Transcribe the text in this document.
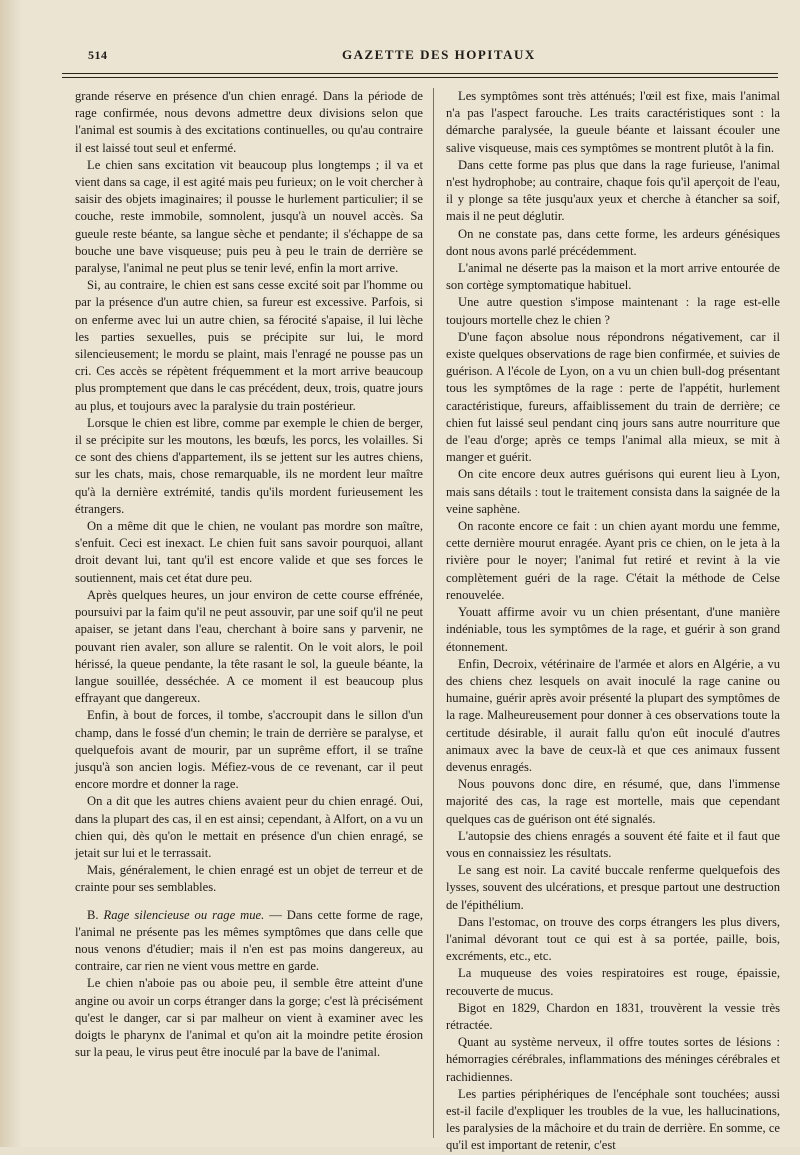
514	GAZETTE DES HOPITAUX

grande réserve en présence d'un chien enragé. Dans la période de rage confirmée, nous devons admettre deux divisions selon que l'animal est soumis à des excitations continuelles, ou qu'au contraire il est laissé tout seul et enfermé.

Le chien sans excitation vit beaucoup plus longtemps ; il va et vient dans sa cage, il est agité mais peu furieux; on le voit chercher à saisir des objets imaginaires; il pousse le hurlement particulier; il se couche, reste immobile, somnolent, jusqu'à un nouvel accès. Sa gueule reste béante, sa langue sèche et pendante; il s'échappe de sa bouche une bave visqueuse; puis peu à peu le train de derrière se paralyse, l'animal ne peut plus se tenir levé, enfin la mort arrive.

Si, au contraire, le chien est sans cesse excité soit par l'homme ou par la présence d'un autre chien, sa fureur est excessive. Parfois, si on enferme avec lui un autre chien, sa férocité s'apaise, il lui lèche les parties sexuelles, puis se précipite sur lui, le mord silencieusement; le mordu se plaint, mais l'enragé ne pousse pas un cri. Ces accès se répètent fréquemment et la mort arrive beaucoup plus promptement que dans le cas précédent, deux, trois, quatre jours au plus, et toujours avec la paralysie du train postérieur.

Lorsque le chien est libre, comme par exemple le chien de berger, il se précipite sur les moutons, les bœufs, les porcs, les volailles. Si ce sont des chiens d'appartement, ils se jettent sur les autres chiens, sur les chats, mais, chose remarquable, ils ne mordent leur maître qu'à la dernière extrémité, tandis qu'ils mordent furieusement les étrangers.

On a même dit que le chien, ne voulant pas mordre son maître, s'enfuit. Ceci est inexact. Le chien fuit sans savoir pourquoi, allant droit devant lui, tant qu'il est encore valide et que ses forces le soutiennent, mais cet état dure peu.

Après quelques heures, un jour environ de cette course effrénée, poursuivi par la faim qu'il ne peut assouvir, par une soif qu'il ne peut apaiser, se jetant dans l'eau, cherchant à boire sans y parvenir, ne pouvant rien avaler, son allure se ralentit. On le voit alors, le poil hérissé, la queue pendante, la tête rasant le sol, la gueule béante, la langue souillée, desséchée. A ce moment il est beaucoup plus effrayant que dangereux.

Enfin, à bout de forces, il tombe, s'accroupit dans le sillon d'un champ, dans le fossé d'un chemin; le train de derrière se paralyse, et quelquefois avant de mourir, par un suprême effort, il se traîne jusqu'à son ancien logis. Méfiez-vous de ce revenant, car il peut encore mordre et donner la rage.

On a dit que les autres chiens avaient peur du chien enragé. Oui, dans la plupart des cas, il en est ainsi; cependant, à Alfort, on a vu un chien qui, dès qu'on le mettait en présence d'un chien enragé, se jetait sur lui et le terrassait.

Mais, généralement, le chien enragé est un objet de terreur et de crainte pour ses semblables.

B. Rage silencieuse ou rage mue. — Dans cette forme de rage, l'animal ne présente pas les mêmes symptômes que dans celle que nous venons d'étudier; mais il n'en est pas moins dangereux, au contraire, car rien ne vient vous mettre en garde.

Le chien n'aboie pas ou aboie peu, il semble être atteint d'une angine ou avoir un corps étranger dans la gorge; c'est là précisément qu'est le danger, car si par malheur on vient à examiner avec les doigts le pharynx de l'animal et qu'on ait la moindre petite érosion sur la peau, le virus peut être inoculé par la bave de l'animal.

Les symptômes sont très atténués; l'œil est fixe, mais l'animal n'a pas l'aspect farouche. Les traits caractéristiques sont : la démarche paralysée, la gueule béante et laissant écouler une salive visqueuse, mais ces symptômes se montrent plutôt à la fin.

Dans cette forme pas plus que dans la rage furieuse, l'animal n'est hydrophobe; au contraire, chaque fois qu'il aperçoit de l'eau, il y plonge sa tête jusqu'aux yeux et cherche à étancher sa soif, mais il ne peut déglutir.

On ne constate pas, dans cette forme, les ardeurs génésiques dont nous avons parlé précédemment.

L'animal ne déserte pas la maison et la mort arrive entourée de son cortège symptomatique habituel.

Une autre question s'impose maintenant : la rage est-elle toujours mortelle chez le chien ?

D'une façon absolue nous répondrons négativement, car il existe quelques observations de rage bien confirmée, et suivies de guérison. A l'école de Lyon, on a vu un chien bull-dog présentant tous les symptômes de la rage : perte de l'appétit, hurlement caractéristique, fureurs, affaiblissement du train de derrière; ce chien fut laissé seul pendant cinq jours sans autre nourriture que de l'eau d'orge; après ce temps l'animal alla mieux, se mit à manger et guérit.

On cite encore deux autres guérisons qui eurent lieu à Lyon, mais sans détails : tout le traitement consista dans la saignée de la veine saphène.

On raconte encore ce fait : un chien ayant mordu une femme, cette dernière mourut enragée. Ayant pris ce chien, on le jeta à la rivière pour le noyer; l'animal fut retiré et revint à la vie complètement guéri de la rage. C'était la méthode de Celse renouvelée.

Youatt affirme avoir vu un chien présentant, d'une manière indéniable, tous les symptômes de la rage, et guérir à son grand étonnement.

Enfin, Decroix, vétérinaire de l'armée et alors en Algérie, a vu des chiens chez lesquels on avait inoculé la rage canine ou humaine, guérir après avoir présenté la plupart des symptômes de la rage. Malheureusement pour donner à ces observations toute la certitude désirable, il aurait fallu qu'on eût inoculé d'autres animaux avec la bave de ceux-là et que ces animaux fussent devenus enragés.

Nous pouvons donc dire, en résumé, que, dans l'immense majorité des cas, la rage est mortelle, mais que cependant quelques cas de guérison ont été signalés.

L'autopsie des chiens enragés a souvent été faite et il faut que vous en connaissiez les résultats.

Le sang est noir. La cavité buccale renferme quelquefois des lysses, souvent des ulcérations, et presque partout une destruction de l'épithélium.

Dans l'estomac, on trouve des corps étrangers les plus divers, l'animal dévorant tout ce qui est à sa portée, paille, bois, excréments, etc., etc.

La muqueuse des voies respiratoires est rouge, épaissie, recouverte de mucus.

Bigot en 1829, Chardon en 1831, trouvèrent la vessie très rétractée.

Quant au système nerveux, il offre toutes sortes de lésions : hémorragies cérébrales, inflammations des méninges cérébrales et rachidiennes.

Les parties périphériques de l'encéphale sont touchées; aussi est-il facile d'expliquer les troubles de la vue, les hallucinations, les paralysies de la mâchoire et du train de derrière. En somme, ce qu'il est important de retenir, c'est
